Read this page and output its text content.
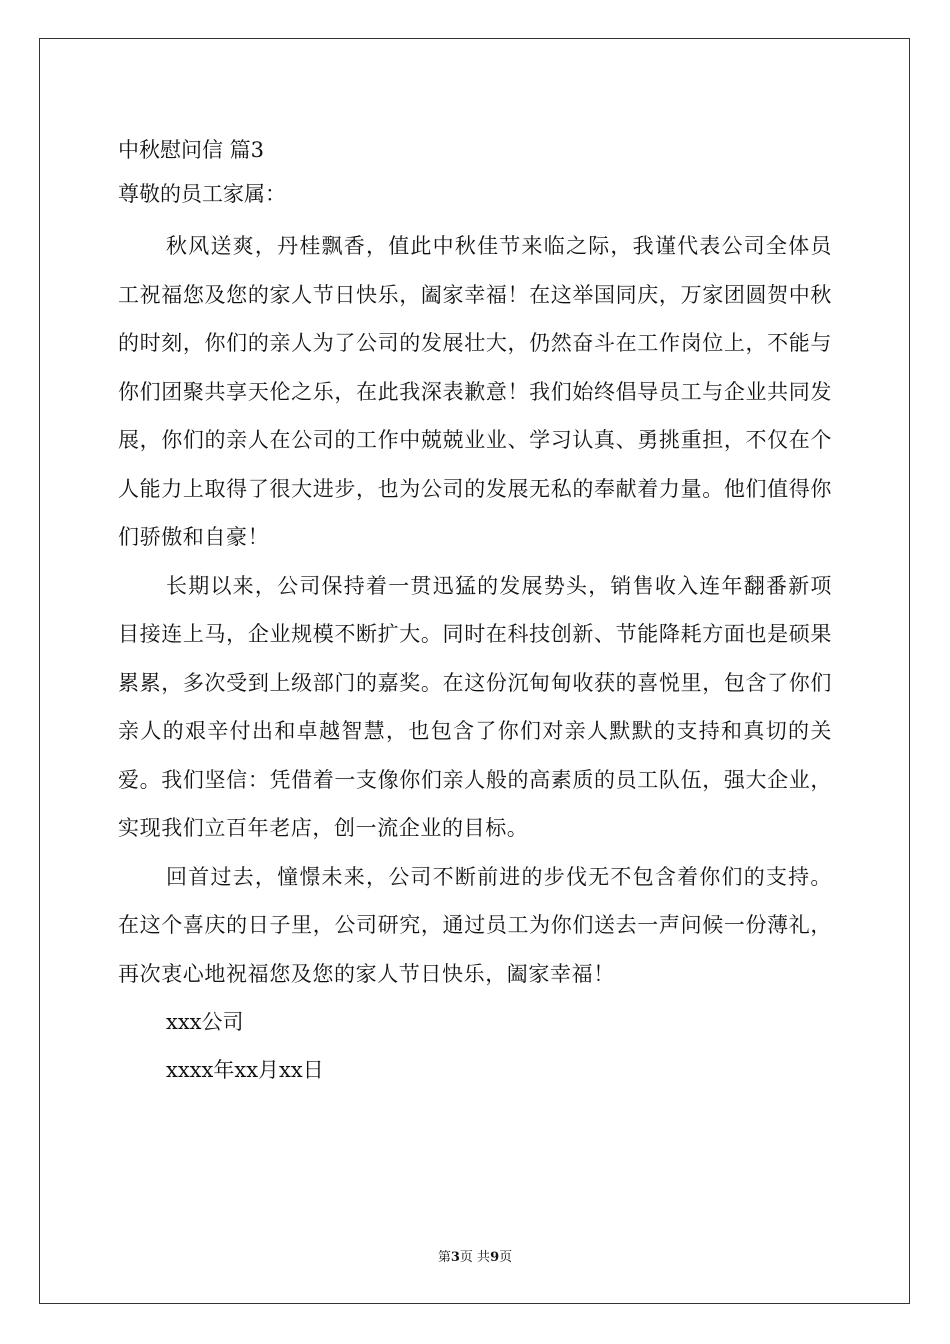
中秋慰问信 篇3
尊敬的员工家属：

秋风送爽，丹桂飘香，值此中秋佳节来临之际，我谨代表公司全体员工祝福您及您的家人节日快乐，阖家幸福！在这举国同庆，万家团圆贺中秋的时刻，你们的亲人为了公司的发展壮大，仍然奋斗在工作岗位上，不能与你们团聚共享天伦之乐，在此我深表歉意！我们始终倡导员工与企业共同发展，你们的亲人在公司的工作中兢兢业业、学习认真、勇挑重担，不仅在个人能力上取得了很大进步，也为公司的发展无私的奉献着力量。他们值得你们骄傲和自豪！

长期以来，公司保持着一贯迅猛的发展势头，销售收入连年翻番新项目接连上马，企业规模不断扩大。同时在科技创新、节能降耗方面也是硕果累累，多次受到上级部门的嘉奖。在这份沉甸甸收获的喜悦里，包含了你们亲人的艰辛付出和卓越智慧，也包含了你们对亲人默默的支持和真切的关爱。我们坚信：凭借着一支像你们亲人般的高素质的员工队伍，强大企业，实现我们立百年老店，创一流企业的目标。

回首过去，憧憬未来，公司不断前进的步伐无不包含着你们的支持。在这个喜庆的日子里，公司研究，通过员工为你们送去一声问候一份薄礼，再次衷心地祝福您及您的家人节日快乐，阖家幸福！

xxx公司

xxxx年xx月xx日

第3页 共9页
